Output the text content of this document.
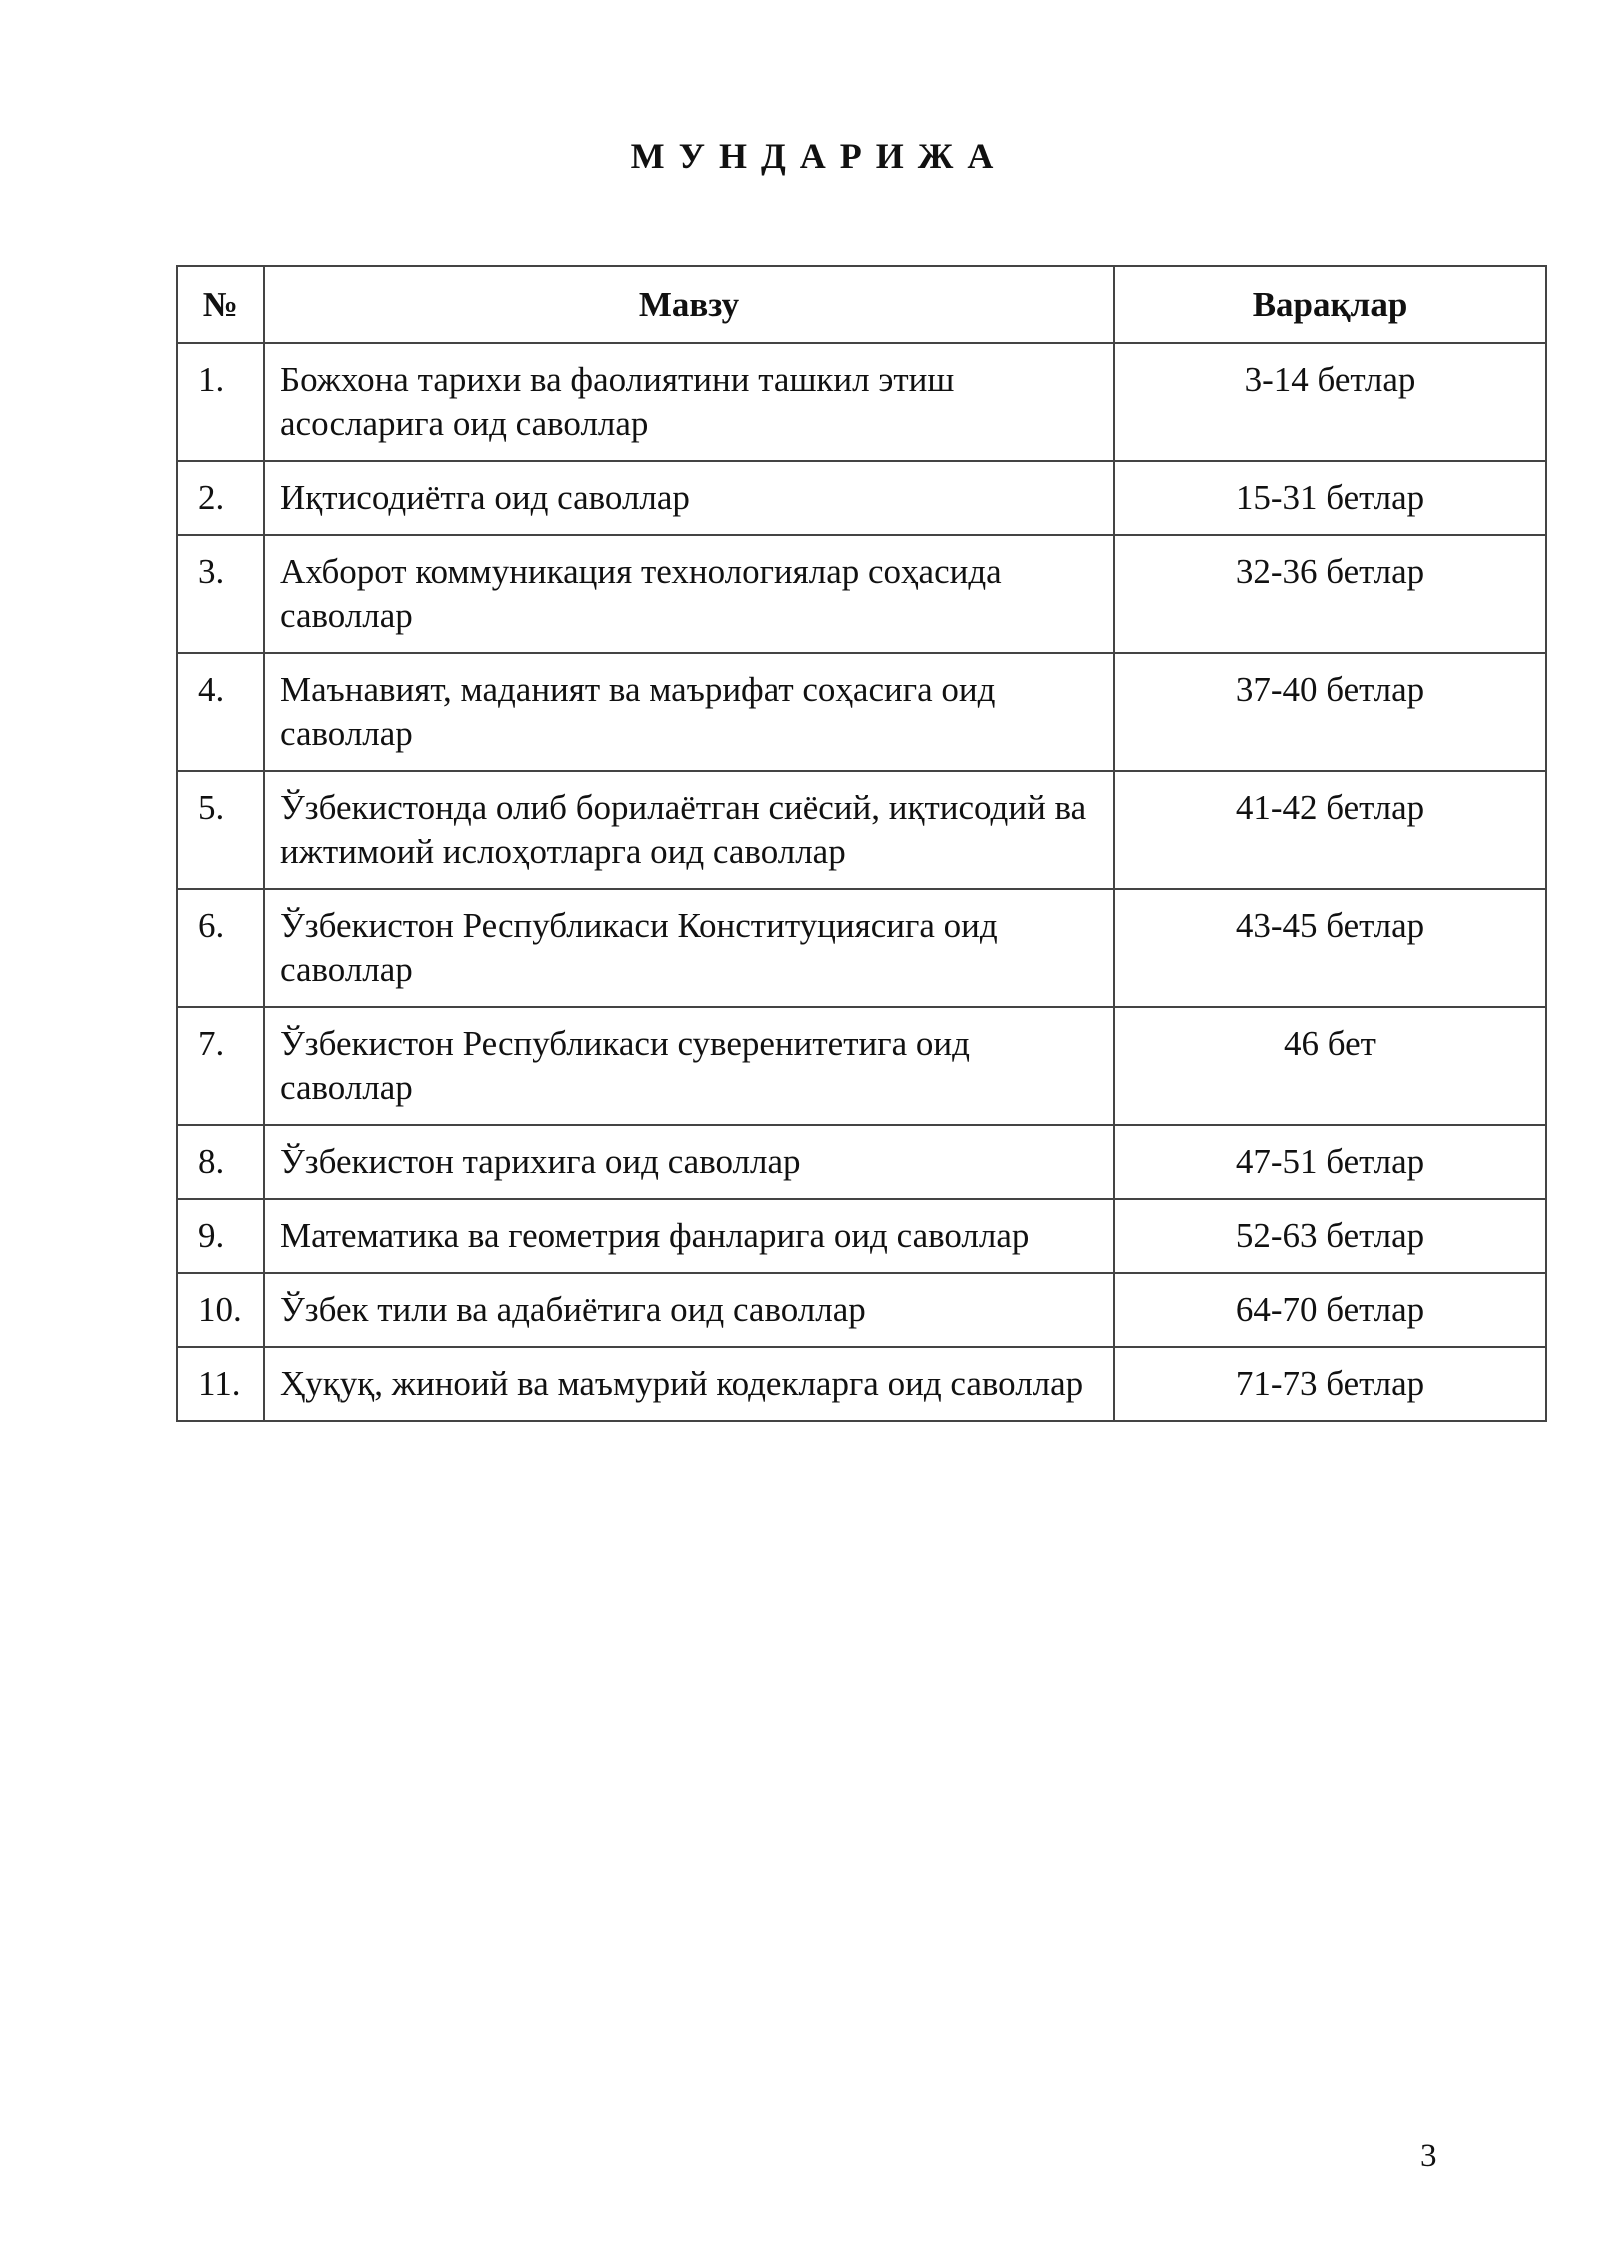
МУНДАРИЖА
№	Мавзу	Варақлар
1.	Божхона тарихи ва фаолиятини ташкил этиш асосларига оид саволлар	3-14 бетлар
2.	Иқтисодиётга оид саволлар	15-31 бетлар
3.	Ахборот коммуникация технологиялар соҳасида саволлар	32-36 бетлар
4.	Маънавият, маданият ва маърифат соҳасига оид саволлар	37-40 бетлар
5.	Ўзбекистонда олиб борилаётган сиёсий, иқтисодий ва ижтимоий ислоҳотларга оид саволлар	41-42 бетлар
6.	Ўзбекистон Республикаси Конституциясига оид саволлар	43-45 бетлар
7.	Ўзбекистон Республикаси суверенитетига оид саволлар	46 бет
8.	Ўзбекистон тарихига оид саволлар	47-51 бетлар
9.	Математика ва геометрия фанларига оид саволлар	52-63 бетлар
10.	Ўзбек тили ва адабиётига оид саволлар	64-70 бетлар
11.	Ҳуқуқ, жиноий ва маъмурий кодекларга оид саволлар	71-73 бетлар
3
